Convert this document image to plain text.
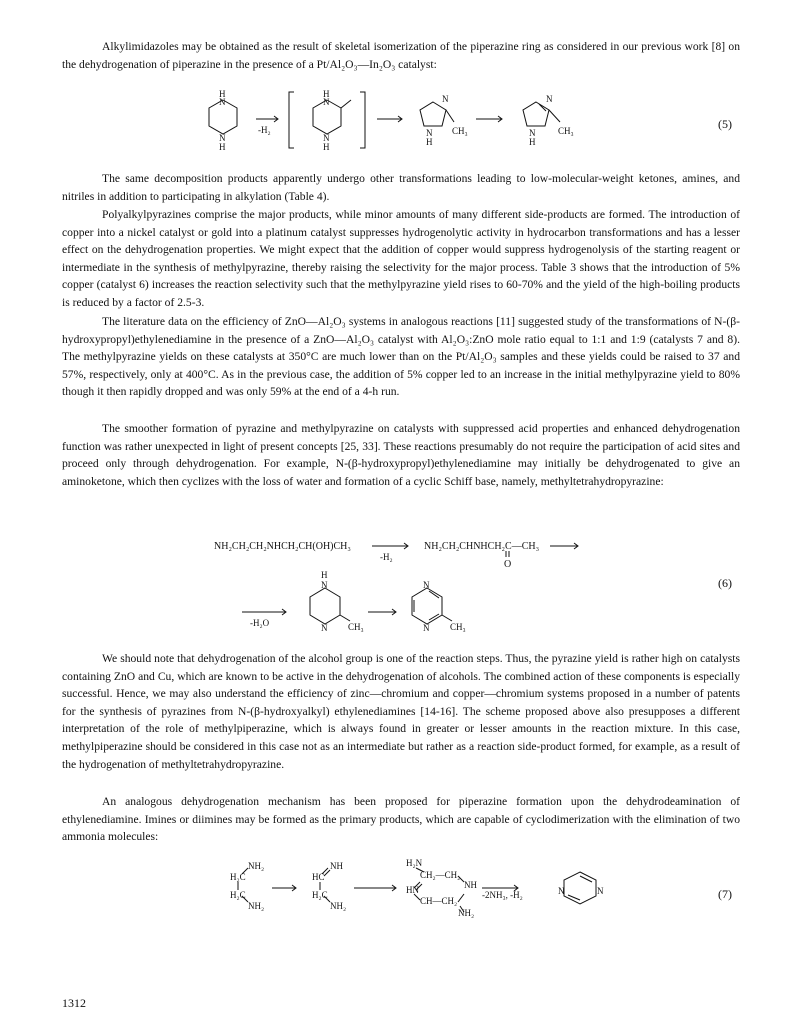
Alkylimidazoles may be obtained as the result of skeletal isomerization of the piperazine ring as considered in our previous work [8] on the dehydrogenation of piperazine in the presence of a Pt/Al₂O₃—In₂O₃ catalyst:

H
N
N
H
-H₂
H
N
N
H
N
N
H
CH₃
N
N
H
CH₃	(5)

The same decomposition products apparently undergo other transformations leading to low-molecular-weight ketones, amines, and nitriles in addition to participating in alkylation (Table 4).

Polyalkylpyrazines comprise the major products, while minor amounts of many different side-products are formed. The introduction of copper into a nickel catalyst or gold into a platinum catalyst suppresses hydrogenolytic activity in hydrocarbon transformations and has a lesser effect on the dehydrogenation properties. We might expect that the addition of copper would suppress hydrogenolysis of the starting reagent or intermediate in the synthesis of methylpyrazine, thereby raising the selectivity for the major process. Table 3 shows that the introduction of 5% copper (catalyst 6) increases the reaction selectivity such that the methylpyrazine yield rises to 60-70% and the yield of the high-boiling products is reduced by a factor of 2.5-3.

The literature data on the efficiency of ZnO—Al₂O₃ systems in analogous reactions [11] suggested study of the transformations of N-(β-hydroxypropyl)ethylenediamine in the presence of a ZnO—Al₂O₃ catalyst with Al₂O₃:ZnO mole ratio equal to 1:1 and 1:9 (catalysts 7 and 8). The methylpyrazine yields on these catalysts at 350°C are much lower than on the Pt/Al₂O₃ samples and these yields could be raised to 37 and 57%, respectively, only at 400°C. As in the previous case, the addition of 5% copper led to an increase in the initial methylpyrazine yield to 80% though it then rapidly dropped and was only 59% at the end of a 4-h run.

The smoother formation of pyrazine and methylpyrazine on catalysts with suppressed acid properties and enhanced dehydrogenation function was rather unexpected in light of present concepts [25, 33]. These reactions presumably do not require the participation of acid sites and proceed only through dehydrogenation. For example, N-(β-hydroxypropyl)ethylenediamine may initially be dehydrogenated to give an aminoketone, which then cyclizes with the loss of water and formation of a cyclic Schiff base, namely, methyltetrahydropyrazine:

NH₂CH₂CH₂NHCH₂CH(OH)CH₃
-H₂
NH₂CH₂CHNHCH₂C—CH₃
O
-H₂O
H
N
N CH₃
N
N CH₃
(6)

We should note that dehydrogenation of the alcohol group is one of the reaction steps. Thus, the pyrazine yield is rather high on catalysts containing ZnO and Cu, which are known to be active in the dehydrogenation of alcohols. The combined action of these components is especially successful. Hence, we may also understand the efficiency of zinc—chromium and copper—chromium systems proposed in a number of patents for the synthesis of pyrazines from N-(β-hydroxyalkyl) ethylenediamines [14-16]. The scheme proposed above also presupposes a different interpretation of the role of methylpiperazine, which is always found in greater or lesser amounts in the reaction mixture. In this case, methylpiperazine should be considered in this case not as an intermediate but rather as a reaction side-product formed, for example, as a result of the hydrogenation of methyltetrahydropyrazine.

An analogous dehydrogenation mechanism has been proposed for piperazine formation upon the dehydrodeamination of ethylenediamine. Imines or diimines may be formed as the primary products, which are capable of cyclodimerization with the elimination of two ammonia molecules:

NH₂
H₂C
H₂C
NH₂
NH
HC
H₂C
NH₂
H₂N
CH₂—CH₂
NH
HN
CH—CH₂
NH₂
-2NH₃, -H₂	N	N	(7)
1312
